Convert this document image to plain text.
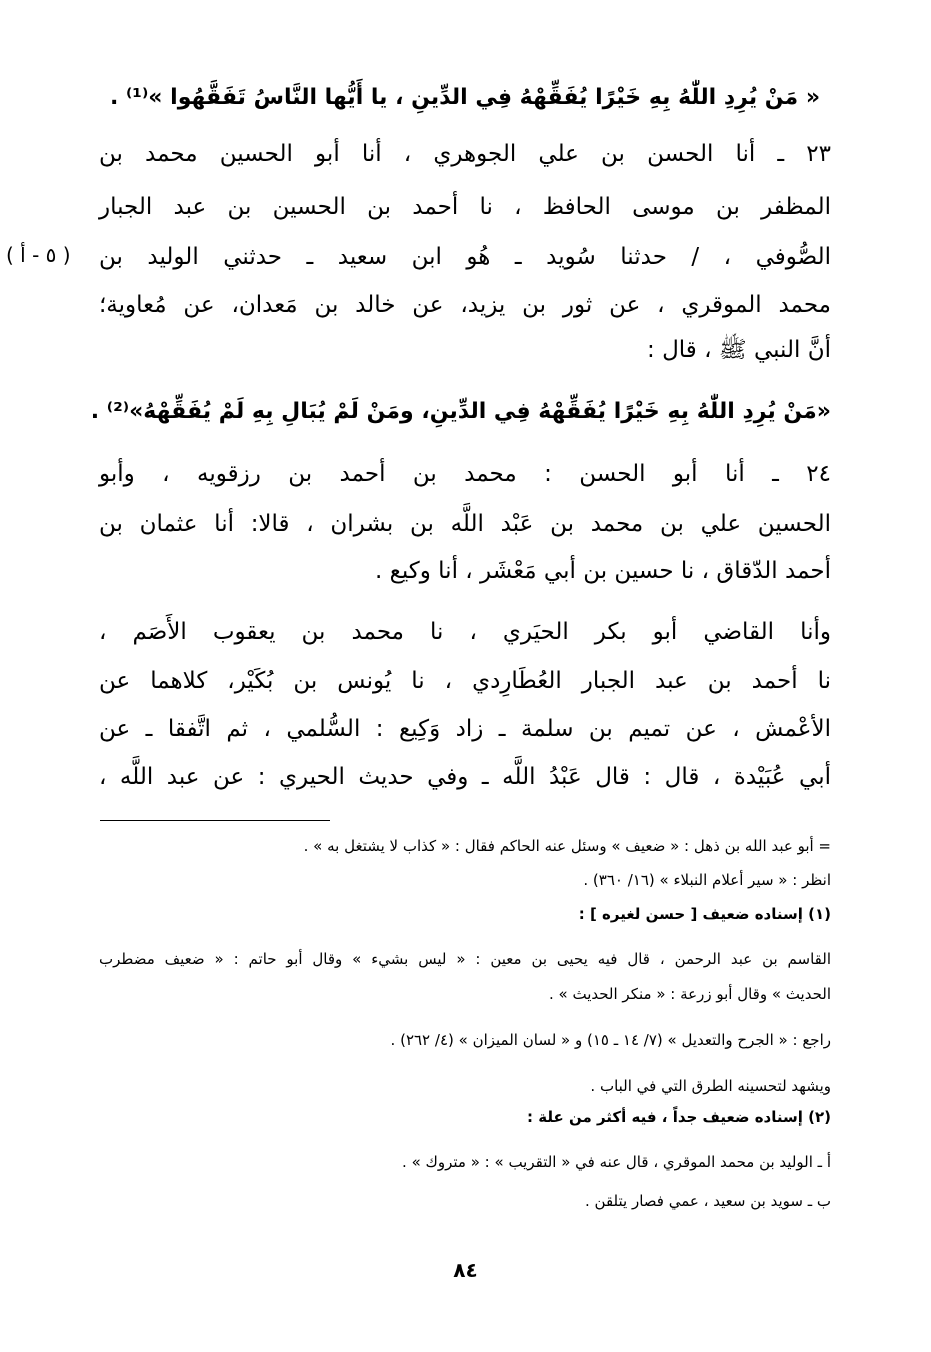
« مَنْ يُرِدِ اللّٰهُ بِهِ خَيْرًا يُفَقِّهْهُ فِي الدِّينِ ، يا أَيُّها النَّاسُ تَفَقَّهُوا »⁽¹⁾ .
٢٣ ـ أنا الحسن بن علي الجوهري ، أنا أبو الحسين محمد بن
المظفر بن موسى الحافظ ، نا أحمد بن الحسين بن عبد الجبار
الصُّوفي ، / حدثنا سُويد ـ هُو ابن سعيد ـ حدثني الوليد بن
محمد الموقري ، عن ثور بن يزيد، عن خالد بن مَعدان، عن مُعاوية؛
أنَّ النبي ﷺ ، قال :
«مَنْ يُرِدِ اللّٰهُ بِهِ خَيْرًا يُفَقِّهْهُ فِي الدِّينِ، ومَنْ لَمْ يُبَالِ بِهِ لَمْ يُفَقِّهْهُ»⁽²⁾ .
٢٤ ـ أنا أبو الحسن : محمد بن أحمد بن رزقويه ، وأبو
الحسين علي بن محمد بن عَبْد اللَّه بن بشران ، قالا: أنا عثمان بن
أحمد الدّقاق ، نا حسين بن أبي مَعْشَر ، أنا وكيع .
وأنا القاضي أبو بكر الحيَري ، نا محمد بن يعقوب الأَصَم ،
نا أحمد بن عبد الجبار العُطَارِدي ، نا يُونس بن بُكَيْر، كلاهما عن
الأعْمش ، عن تميم بن سلمة ـ زاد وَكِيع : السُّلمي ، ثم اتَّفقا ـ عن
أبي عُبَيْدة ، قال : قال عَبْدُ اللَّه ـ وفي حديث الحيري : عن عبد اللَّه ،
( ٥ - أ )
= أبو عبد الله بن ذهل : « ضعيف » وسئل عنه الحاكم فقال : « كذاب لا يشتغل به » .
انظر : « سير أعلام النبلاء » (١٦/ ٣٦٠) .
(١) إسناده ضعيف [ حسن لغيره ] :
القاسم بن عبد الرحمن ، قال فيه يحيى بن معين : « ليس بشيء » وقال أبو حاتم : « ضعيف مضطرب
الحديث » وقال أبو زرعة : « منكر الحديث » .
راجع : « الجرح والتعديل » (٧/ ١٤ ـ ١٥) و « لسان الميزان » (٤/ ٢٦٢) .
ويشهد لتحسينه الطرق التي في الباب .
(٢) إسناده ضعيف جداً ، فيه أكثر من علة :
أ ـ الوليد بن محمد الموقري ، قال عنه في « التقريب » : « متروك » .
ب ـ سويد بن سعيد ، عمي فصار يتلقن .
٨٤
